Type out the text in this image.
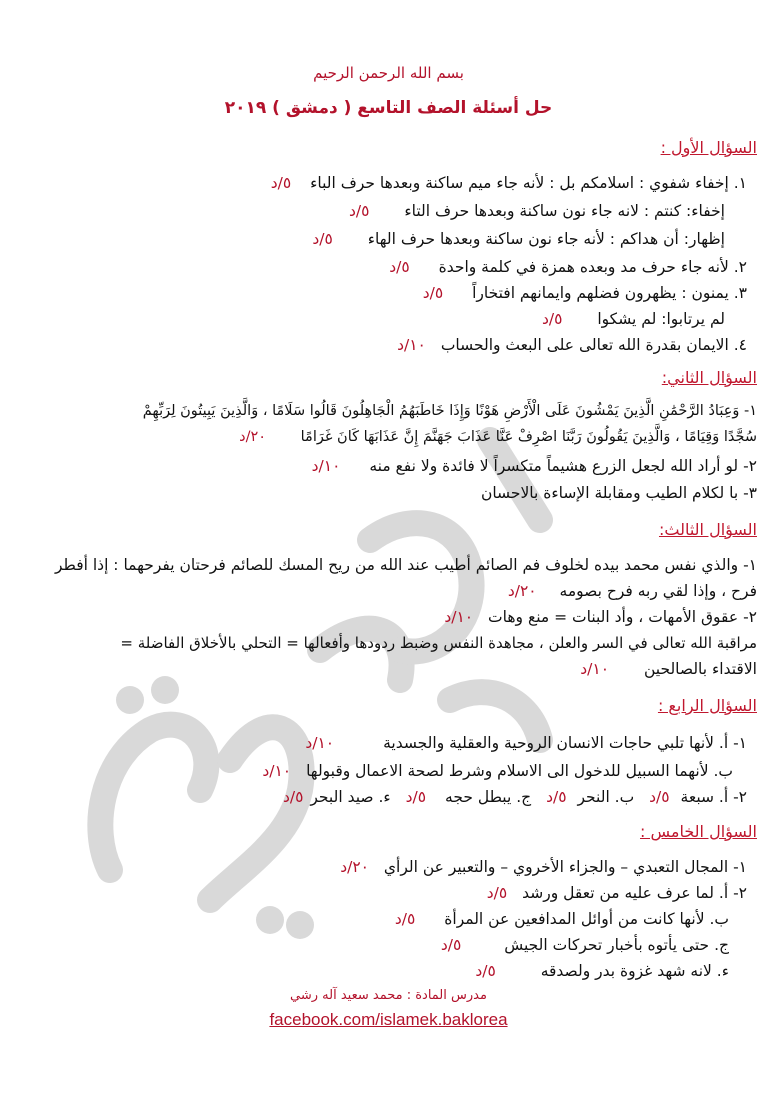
بسم الله الرحمن الرحيم
حل أسئلة الصف التاسع ( دمشق ) ٢٠١٩
السؤال الأول :
١. إخفاء شفوي : اسلامكم بل : لأنه جاء ميم ساكنة وبعدها حرف الباء ٥/د
إخفاء: كنتم : لانه جاء نون ساكنة وبعدها حرف التاء ٥/د
إظهار: أن هداكم : لأنه جاء نون ساكنة وبعدها حرف الهاء ٥/د
٢. لأنه جاء حرف مد وبعده همزة في كلمة واحدة ٥/د
٣. يمنون : يظهرون فضلهم وايمانهم افتخاراً ٥/د
لم يرتابوا: لم يشكوا ٥/د
٤. الايمان بقدرة الله تعالى على البعث والحساب ١٠/د
السؤال الثاني:
١- وَعِبَادُ الرَّحْمَٰنِ الَّذِينَ يَمْشُونَ عَلَى الْأَرْضِ هَوْنًا وَإِذَا خَاطَبَهُمُ الْجَاهِلُونَ قَالُوا سَلَامًا ، وَالَّذِينَ يَبِيتُونَ لِرَبِّهِمْ
سُجَّدًا وَقِيَامًا ، وَالَّذِينَ يَقُولُونَ رَبَّنَا اصْرِفْ عَنَّا عَذَابَ جَهَنَّمَ إِنَّ عَذَابَهَا كَانَ غَرَامًا ٢٠/د
٢- لو أراد الله لجعل الزرع هشيماً متكسراً لا فائدة ولا نفع منه ١٠/د
٣- با لكلام الطيب ومقابلة الإساءة بالاحسان
السؤال الثالث:
١- والذي نفس محمد بيده لخلوف فم الصائم أطيب عند الله من ريح المسك للصائم فرحتان يفرحهما : إذا أفطر
فرح ، وإذا لقي ربه فرح بصومه ٢٠/د
٢- عقوق الأمهات ، وأد البنات = منع وهات ١٠/د
مراقبة الله تعالى في السر والعلن ، مجاهدة النفس وضبط ردودها وأفعالها = التحلي بالأخلاق الفاضلة =
الاقتداء بالصالحين ١٠/د
السؤال الرابع :
١- أ. لأنها تلبي حاجات الانسان الروحية والعقلية والجسدية ١٠/د
ب. لأنهما السبيل للدخول الى الاسلام وشرط لصحة الاعمال وقبولها ١٠/د
٢- أ. سبعة ٥/د ب. النحر ٥/د ج. يبطل حجه ٥/د ء. صيد البحر ٥/د
السؤال الخامس :
١- المجال التعبدي – والجزاء الأخروي – والتعبير عن الرأي ٢٠/د
٢- أ. لما عرف عليه من تعقل ورشد ٥/د
ب. لأنها كانت من أوائل المدافعين عن المرأة ٥/د
ج. حتى يأتوه بأخبار تحركات الجيش ٥/د
ء. لانه شهد غزوة بدر ولصدقه ٥/د
مدرس المادة : محمد سعيد آله رشي
facebook.com/islamek.baklorea
